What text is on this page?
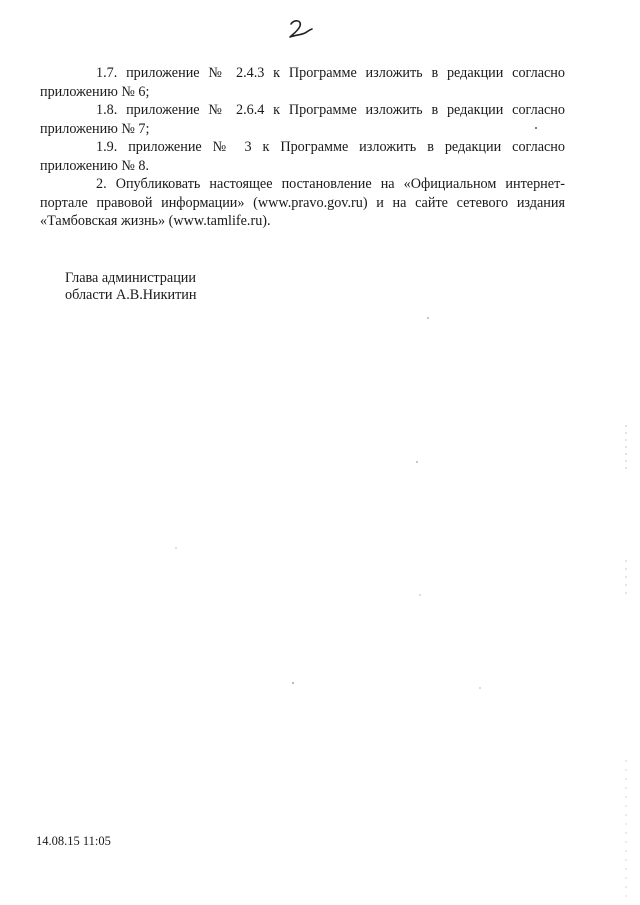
1.7. приложение № 2.4.3 к Программе изложить в редакции согласно приложению № 6;

1.8. приложение № 2.6.4 к Программе изложить в редакции согласно приложению № 7;

1.9. приложение № 3 к Программе изложить в редакции согласно приложению № 8.

2. Опубликовать настоящее постановление на «Официальном интернет-портале правовой информации» (www.pravo.gov.ru) и на сайте сетевого издания «Тамбовская жизнь» (www.tamlife.ru).

Глава администрации
области А.В.Никитин
14.08.15 11:05
